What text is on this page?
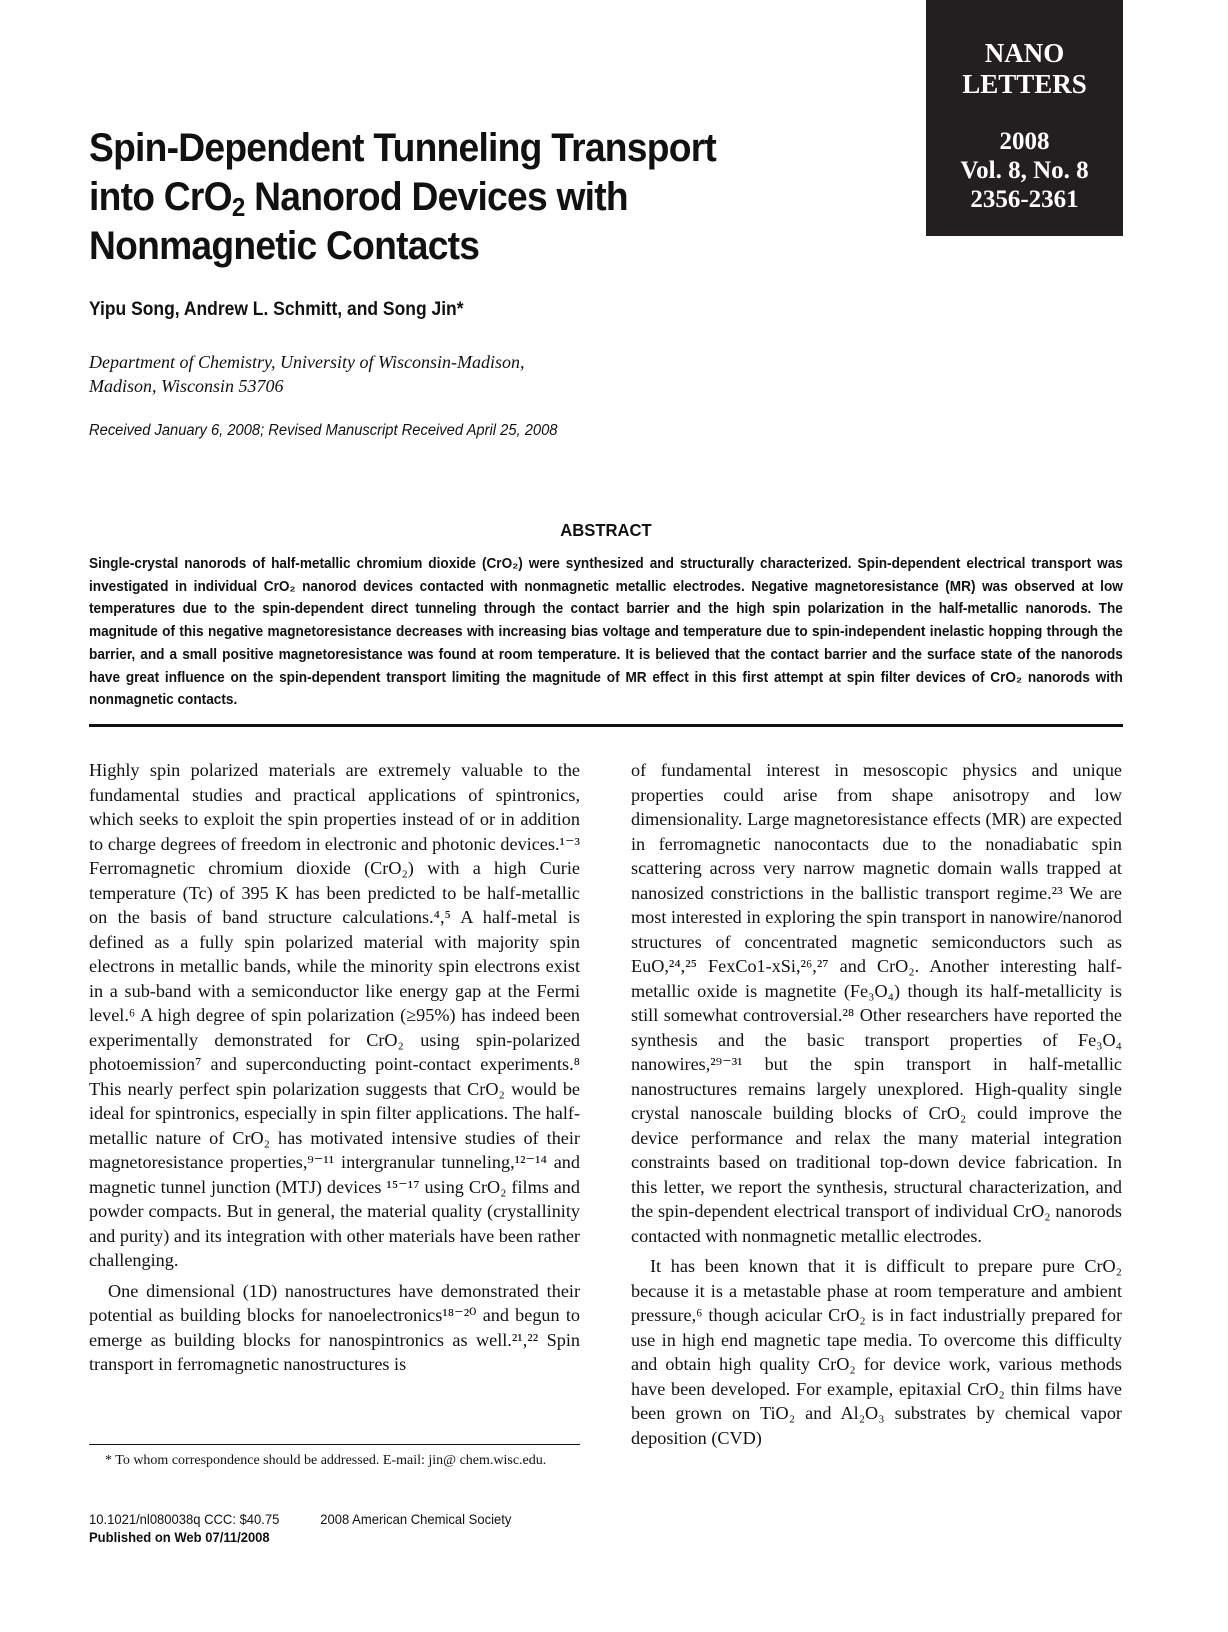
NANO
LETTERS
2008
Vol. 8, No. 8
2356-2361
Spin-Dependent Tunneling Transport
into CrO$_2$ Nanorod Devices with
Nonmagnetic Contacts
Yipu Song, Andrew L. Schmitt, and Song Jin*
Department of Chemistry, University of Wisconsin-Madison,
Madison, Wisconsin 53706
Received January 6, 2008; Revised Manuscript Received April 25, 2008
ABSTRACT
Single-crystal nanorods of half-metallic chromium dioxide (CrO₂) were synthesized and structurally characterized. Spin-dependent electrical transport was investigated in individual CrO₂ nanorod devices contacted with nonmagnetic metallic electrodes. Negative magnetoresistance (MR) was observed at low temperatures due to the spin-dependent direct tunneling through the contact barrier and the high spin polarization in the half-metallic nanorods. The magnitude of this negative magnetoresistance decreases with increasing bias voltage and temperature due to spin-independent inelastic hopping through the barrier, and a small positive magnetoresistance was found at room temperature. It is believed that the contact barrier and the surface state of the nanorods have great influence on the spin-dependent transport limiting the magnitude of MR effect in this first attempt at spin filter devices of CrO₂ nanorods with nonmagnetic contacts.

Highly spin polarized materials are extremely valuable to the fundamental studies and practical applications of spintronics, which seeks to exploit the spin properties instead of or in addition to charge degrees of freedom in electronic and photonic devices.¹⁻³ Ferromagnetic chromium dioxide (CrO₂) with a high Curie temperature (Tc) of 395 K has been predicted to be half-metallic on the basis of band structure calculations.⁴,⁵ A half-metal is defined as a fully spin polarized material with majority spin electrons in metallic bands, while the minority spin electrons exist in a sub-band with a semiconductor like energy gap at the Fermi level.⁶ A high degree of spin polarization (≥95%) has indeed been experimentally demonstrated for CrO₂ using spin-polarized photoemission⁷ and superconducting point-contact experiments.⁸ This nearly perfect spin polarization suggests that CrO₂ would be ideal for spintronics, especially in spin filter applications. The half-metallic nature of CrO₂ has motivated intensive studies of their magnetoresistance properties,⁹⁻¹¹ intergranular tunneling,¹²⁻¹⁴ and magnetic tunnel junction (MTJ) devices ¹⁵⁻¹⁷ using CrO₂ films and powder compacts. But in general, the material quality (crystallinity and purity) and its integration with other materials have been rather challenging.

One dimensional (1D) nanostructures have demonstrated their potential as building blocks for nanoelectronics¹⁸⁻²⁰ and begun to emerge as building blocks for nanospintronics as well.²¹,²² Spin transport in ferromagnetic nanostructures is

of fundamental interest in mesoscopic physics and unique properties could arise from shape anisotropy and low dimensionality. Large magnetoresistance effects (MR) are expected in ferromagnetic nanocontacts due to the nonadiabatic spin scattering across very narrow magnetic domain walls trapped at nanosized constrictions in the ballistic transport regime.²³ We are most interested in exploring the spin transport in nanowire/nanorod structures of concentrated magnetic semiconductors such as EuO,²⁴,²⁵ FexCo1-xSi,²⁶,²⁷ and CrO₂. Another interesting half-metallic oxide is magnetite (Fe₃O₄) though its half-metallicity is still somewhat controversial.²⁸ Other researchers have reported the synthesis and the basic transport properties of Fe₃O₄ nanowires,²⁹⁻³¹ but the spin transport in half-metallic nanostructures remains largely unexplored. High-quality single crystal nanoscale building blocks of CrO₂ could improve the device performance and relax the many material integration constraints based on traditional top-down device fabrication. In this letter, we report the synthesis, structural characterization, and the spin-dependent electrical transport of individual CrO₂ nanorods contacted with nonmagnetic metallic electrodes.

It has been known that it is difficult to prepare pure CrO₂ because it is a metastable phase at room temperature and ambient pressure,⁶ though acicular CrO₂ is in fact industrially prepared for use in high end magnetic tape media. To overcome this difficulty and obtain high quality CrO₂ for device work, various methods have been developed. For example, epitaxial CrO₂ thin films have been grown on TiO₂ and Al₂O₃ substrates by chemical vapor deposition (CVD)

* To whom correspondence should be addressed. E-mail: jin@ chem.wisc.edu.
10.1021/nl080038q CCC: $40.75	2008 American Chemical Society
Published on Web 07/11/2008
